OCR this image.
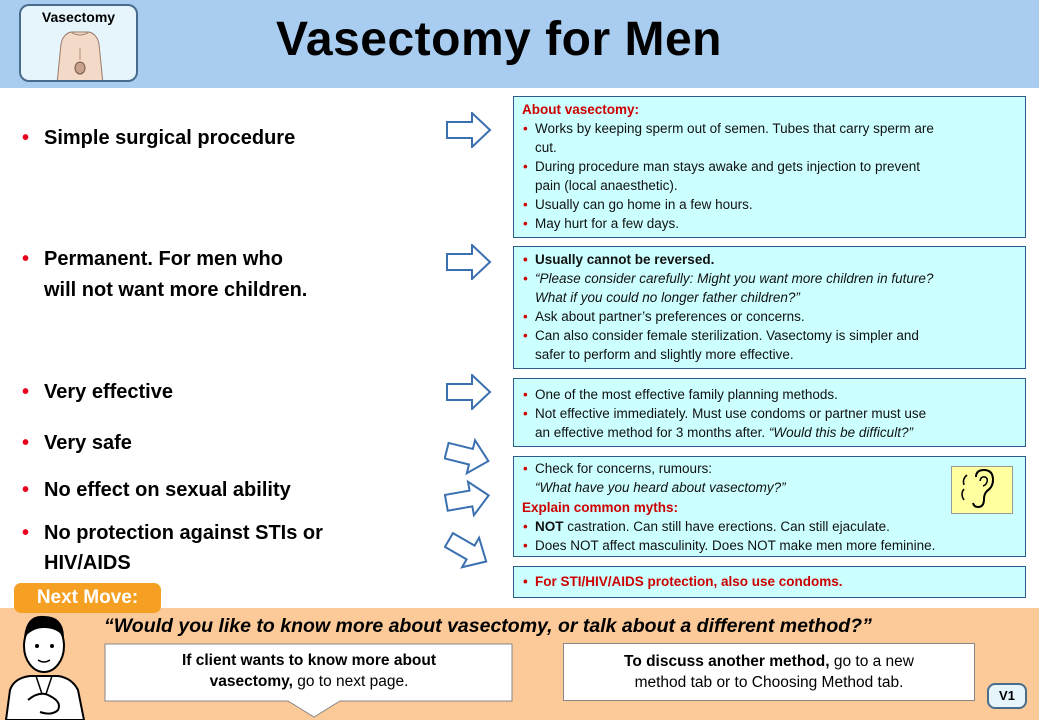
Vasectomy	Vasectomy for Men
• Simple surgical procedure
• Permanent. For men who
will not want more children.
• Very effective
• Very safe
• No effect on sexual ability
• No protection against STIs or
HIV/AIDS
About vasectomy:
• Works by keeping sperm out of semen. Tubes that carry sperm are
cut.
• During procedure man stays awake and gets injection to prevent
pain (local anaesthetic).
• Usually can go home in a few hours.
• May hurt for a few days.
• Usually cannot be reversed.
• “Please consider carefully: Might you want more children in future?
What if you could no longer father children?”
• Ask about partner’s preferences or concerns.
• Can also consider female sterilization. Vasectomy is simpler and
safer to perform and slightly more effective.
• One of the most effective family planning methods.
• Not effective immediately. Must use condoms or partner must use
an effective method for 3 months after. “Would this be difficult?”
• Check for concerns, rumours:
“What have you heard about vasectomy?”
Explain common myths:
• NOT castration. Can still have erections. Can still ejaculate.
• Does NOT affect masculinity. Does NOT make men more feminine.
• For STI/HIV/AIDS protection, also use condoms.
Next Move:
“Would you like to know more about vasectomy, or talk about a different method?”
If client wants to know more about
vasectomy, go to next page.
To discuss another method, go to a new
method tab or to Choosing Method tab.
V1
